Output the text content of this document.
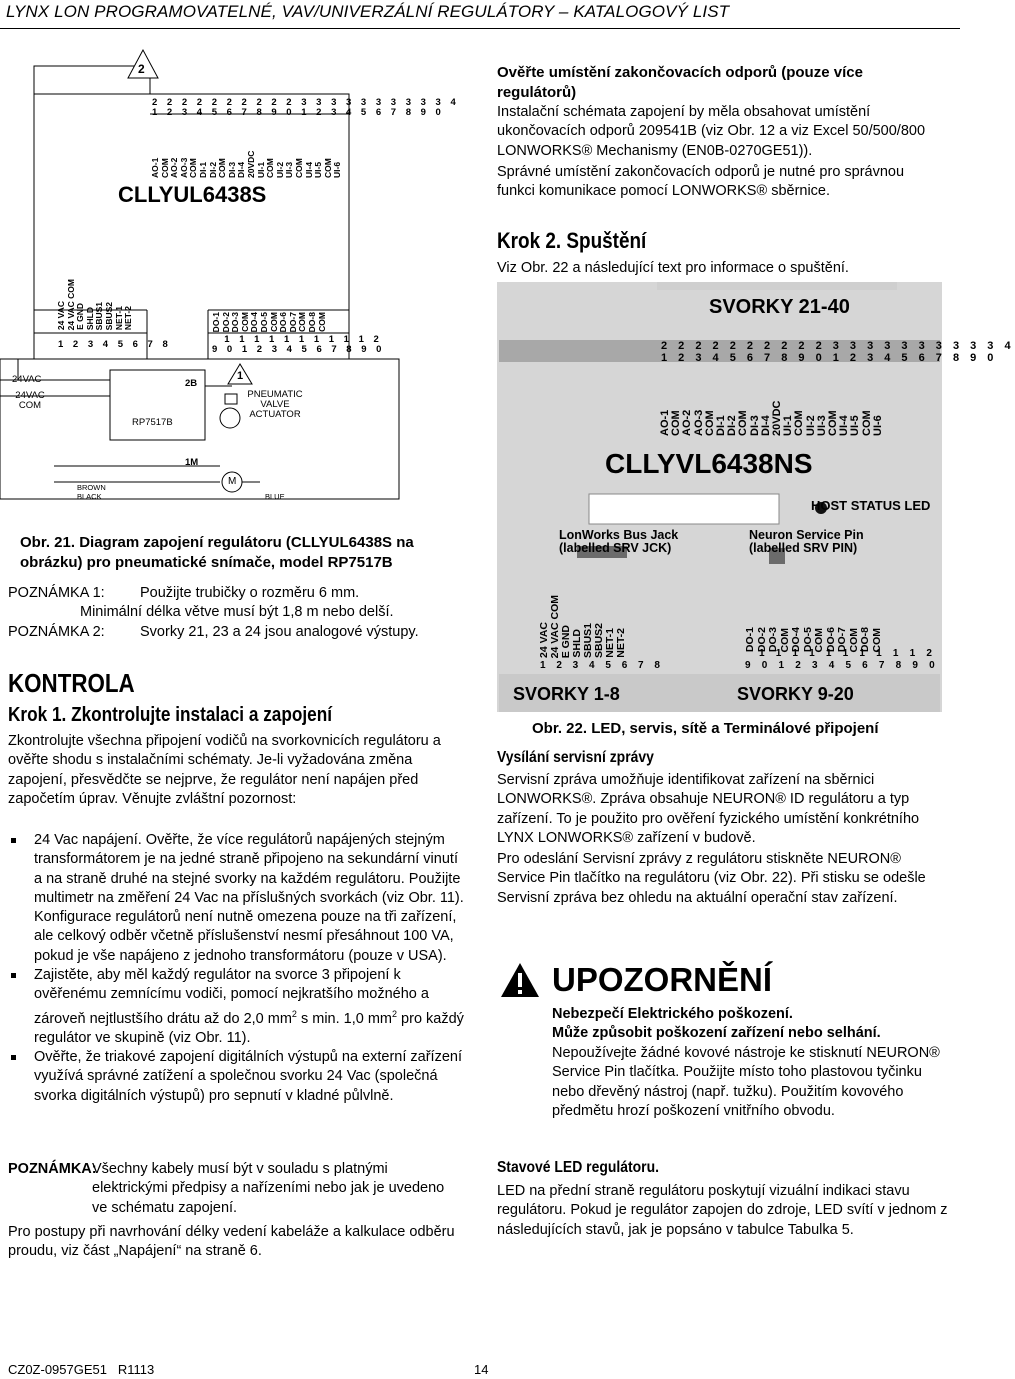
LYNX LON PROGRAMOVATELNÉ, VAV/UNIVERZÁLNÍ REGULÁTORY – KATALOGOVÝ LIST
2
2 2 2 2 2 2 2 2 2 2 3 3 3 3 3 3 3 3 3 3 4
1 2 3 4 5 6 7 8 9 0 1 2 3 4 5 6 7 8 9 0
AO-1 COM AO-2 AO-3 COM DI-1 DI-2 COM DI-3 DI-4 20VDC UI-1 COM UI-2 UI-3 COM UI-4 UI-5 COM UI-6
CLLYUL6438S
24 VAC 24 VAC COM E GND SHLD SBUS1 SBUS2 NET-1 NET-2
1 2 3 4 5 6 7 8
DO-1 DO-2 DO-3 COM DO-4 DO-5 COM DO-6 DO-7 COM DO-8 COM
1 1 1 1 1 1 1 1 1 1 2
9 0 1 2 3 4 5 6 7 8 9 0
24VAC
24VAC COM
2B
1
PNEUMATIC VALVE ACTUATOR
RP7517B
1M
M
BROWN
BLACK	BLUE
Obr. 21. Diagram zapojení regulátoru (CLLYUL6438S na obrázku) pro pneumatické snímače, model RP7517B
POZNÁMKA 1: Použijte trubičky o rozměru 6 mm.
Minimální délka větve musí být 1,8 m nebo delší.
POZNÁMKA 2: Svorky 21, 23 a 24 jsou analogové výstupy.
KONTROLA
Krok 1. Zkontrolujte instalaci a zapojení
Zkontrolujte všechna připojení vodičů na svorkovnicích regulátoru a ověřte shodu s instalačními schématy. Je-li vyžadována změna zapojení, přesvědčte se nejprve, že regulátor není napájen před započetím úprav. Věnujte zvláštní pozornost:
24 Vac napájení. Ověřte, že více regulátorů napájených stejným transformátorem je na jedné straně připojeno na sekundární vinutí a na straně druhé na stejné svorky na každém regulátoru. Použijte multimetr na změření 24 Vac na příslušných svorkách (viz Obr. 11). Konfigurace regulátorů není nutně omezena pouze na tři zařízení, ale celkový odběr včetně příslušenství nesmí přesáhnout 100 VA, pokud je vše napájeno z jednoho transformátoru (pouze v USA).
Zajistěte, aby měl každý regulátor na svorce 3 připojení k ověřenému zemnícímu vodiči, pomocí nejkratšího možného a zároveň nejtlustšího drátu až do 2,0 $mm^2$ s min. 1,0 $mm^2$ pro každý regulátor ve skupině (viz Obr. 11).
Ověřte, že triakové zapojení digitálních výstupů na externí zařízení využívá správné zatížení a společnou svorku 24 Vac (společná svorka digitálních výstupů) pro sepnutí v kladné půlvlně.
POZNÁMKA:
Všechny kabely musí být v souladu s platnými elektrickými předpisy a nařízeními nebo jak je uvedeno ve schématu zapojení.
Pro postupy při navrhování délky vedení kabeláže a kalkulace odběru proudu, viz část „Napájení“ na straně 6.
Ověřte umístění zakončovacích odporů (pouze více regulátorů)
Instalační schémata zapojení by měla obsahovat umístění ukončovacích odporů 209541B (viz Obr. 12 a viz Excel 50/500/800 LONWORKS® Mechanismy (EN0B-0270GE51)).
Správné umístění zakončovacích odporů je nutné pro správnou funkci komunikace pomocí LONWORKS® sběrnice.
Krok 2. Spuštění
Viz Obr. 22 a následující text pro informace o spuštění.
SVORKY 21-40
2 2 2 2 2 2 2 2 2 2 3 3 3 3 3 3 3 3 3 3 4
1 2 3 4 5 6 7 8 9 0 1 2 3 4 5 6 7 8 9 0
AO-1 COM AO-2 AO-3 COM DI-1 DI-2 COM DI-3 DI-4 20VDC UI-1 COM UI-2 UI-3 COM UI-4 UI-5 COM UI-6
CLLYVL6438NS
HOST STATUS LED
LonWorks Bus Jack
(labelled SRV JCK)
Neuron Service Pin
(labelled SRV PIN)
24 VAC 24 VAC COM E GND SHLD SBUS1 SBUS2 NET-1 NET-2
1 2 3 4 5 6 7 8
DO-1 DO-2 DO-3 COM DO-4 DO-5 COM DO-6 DO-7 COM DO-8 COM
1 1 1 1 1 1 1 1 1 1 2
9 0 1 2 3 4 5 6 7 8 9 0
SVORKY 1-8	SVORKY 9-20
Obr. 22. LED, servis, sítě a Terminálové připojení
Vysílání servisní zprávy
Servisní zpráva umožňuje identifikovat zařízení na sběrnici LONWORKS®. Zpráva obsahuje NEURON® ID regulátoru a typ zařízení. To je použito pro ověření fyzického umístění konkrétního LYNX LONWORKS® zařízení v budově.
Pro odeslání Servisní zprávy z regulátoru stiskněte NEURON® Service Pin tlačítko na regulátoru (viz Obr. 22). Při stisku se odešle Servisní zpráva bez ohledu na aktuální operační stav zařízení.
UPOZORNĚNÍ
Nebezpečí Elektrického poškození.
Může způsobit poškození zařízení nebo selhání.
Nepoužívejte žádné kovové nástroje ke stisknutí NEURON® Service Pin tlačítka. Použijte místo toho plastovou tyčinku nebo dřevěný nástroj (např. tužku). Použitím kovového předmětu hrozí poškození vnitřního obvodu.
Stavové LED regulátoru.
LED na přední straně regulátoru poskytují vizuální indikaci stavu regulátoru. Pokud je regulátor zapojen do zdroje, LED svítí v jednom z následujících stavů, jak je popsáno v tabulce Tabulka 5.
CZ0Z-0957GE51   R1113	14
